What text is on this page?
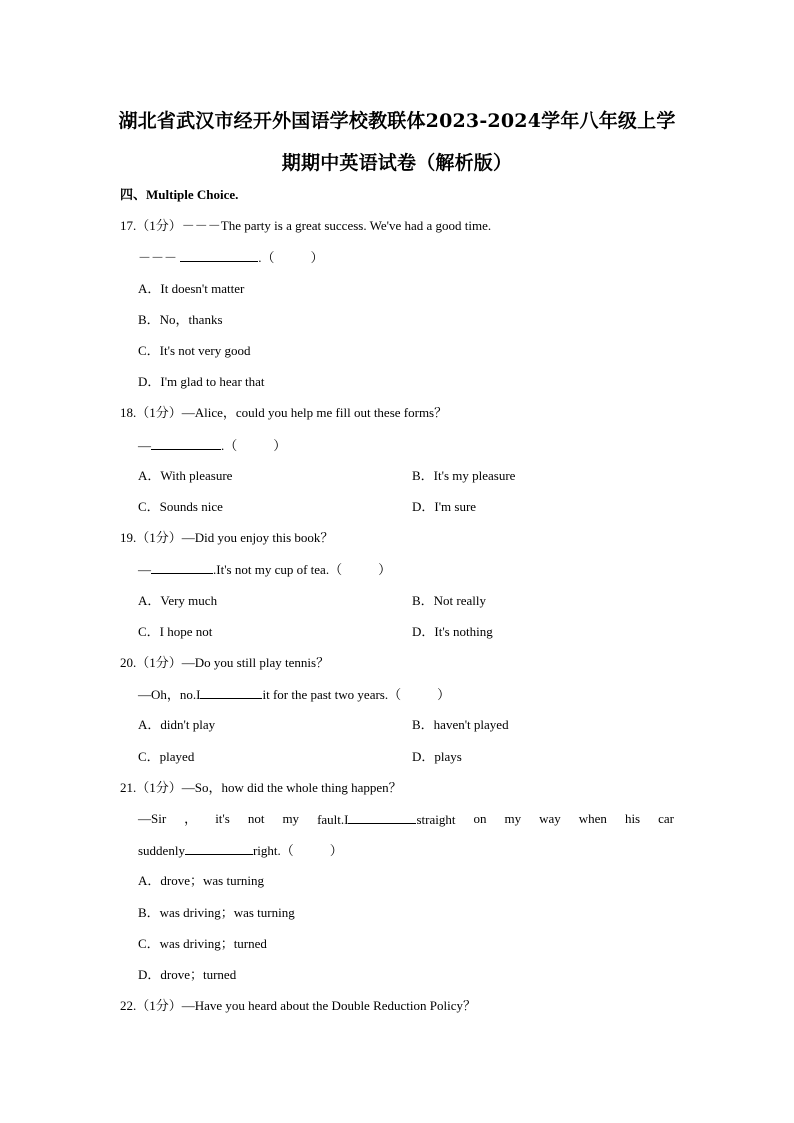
湖北省武汉市经开外国语学校教联体2023-2024学年八年级上学
期期中英语试卷（解析版）
四、Multiple Choice.
17.（1分）－－－The party is a great success. We've had a good time.
－－－	.（	）
A．It doesn't matter
B．No，thanks
C．It's not very good
D．I'm glad to hear that
18.（1分）—Alice，could you help me fill out these forms？
—	.（	）
A．With pleasure	B．It's my pleasure
C．Sounds nice	D．I'm sure
19.（1分）—Did you enjoy this book？
—	.It's not my cup of tea.（	）
A．Very much	B．Not really
C．I hope not	D．It's nothing
20.（1分）—Do you still play tennis？
—Oh，no.I	it for the past two years.（	）
A．didn't play	B．haven't played
C．played	D．plays
21.（1分）—So，how did the whole thing happen？
—Sir ， it's not my fault.I	straight on my way when his car
suddenly	right.（	）
A．drove；was turning
B．was driving；was turning
C．was driving；turned
D．drove；turned
22.（1分）—Have you heard about the Double Reduction Policy？
